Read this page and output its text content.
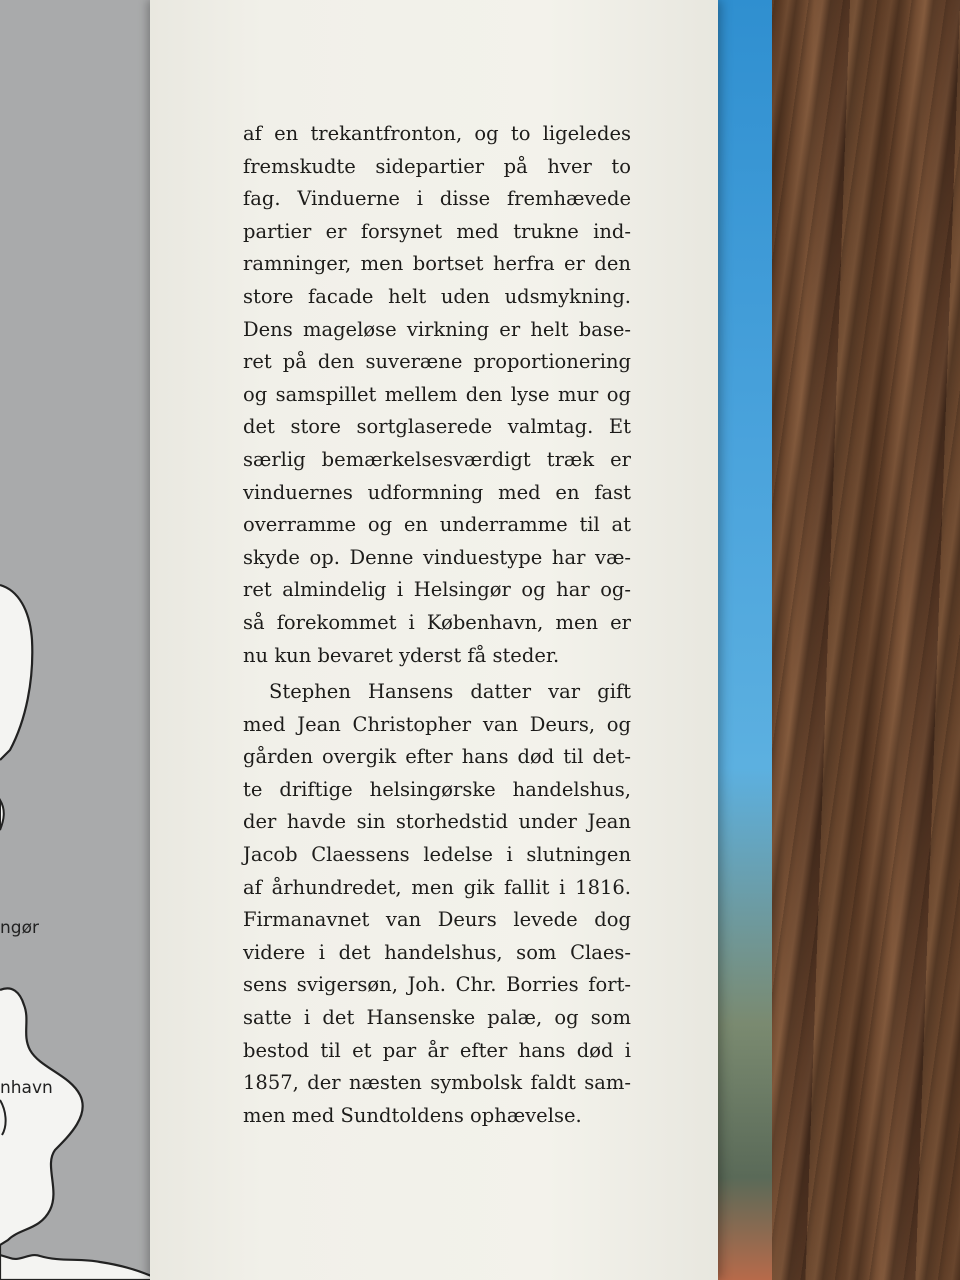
ngør
nhavn
af en trekantfronton, og to ligeledes
fremskudte sidepartier på hver to
fag. Vinduerne i disse fremhævede
partier er forsynet med trukne ind-
ramninger, men bortset herfra er den
store facade helt uden udsmykning.
Dens mageløse virkning er helt base-
ret på den suveræne proportionering
og samspillet mellem den lyse mur og
det store sortglaserede valmtag. Et
særlig bemærkelsesværdigt træk er
vinduernes udformning med en fast
overramme og en underramme til at
skyde op. Denne vinduestype har væ-
ret almindelig i Helsingør og har og-
så forekommet i København, men er
nu kun bevaret yderst få steder.
Stephen Hansens datter var gift
med Jean Christopher van Deurs, og
gården overgik efter hans død til det-
te driftige helsingørske handelshus,
der havde sin storhedstid under Jean
Jacob Claessens ledelse i slutningen
af århundredet, men gik fallit i 1816.
Firmanavnet van Deurs levede dog
videre i det handelshus, som Claes-
sens svigersøn, Joh. Chr. Borries fort-
satte i det Hansenske palæ, og som
bestod til et par år efter hans død i
1857, der næsten symbolsk faldt sam-
men med Sundtoldens ophævelse.
